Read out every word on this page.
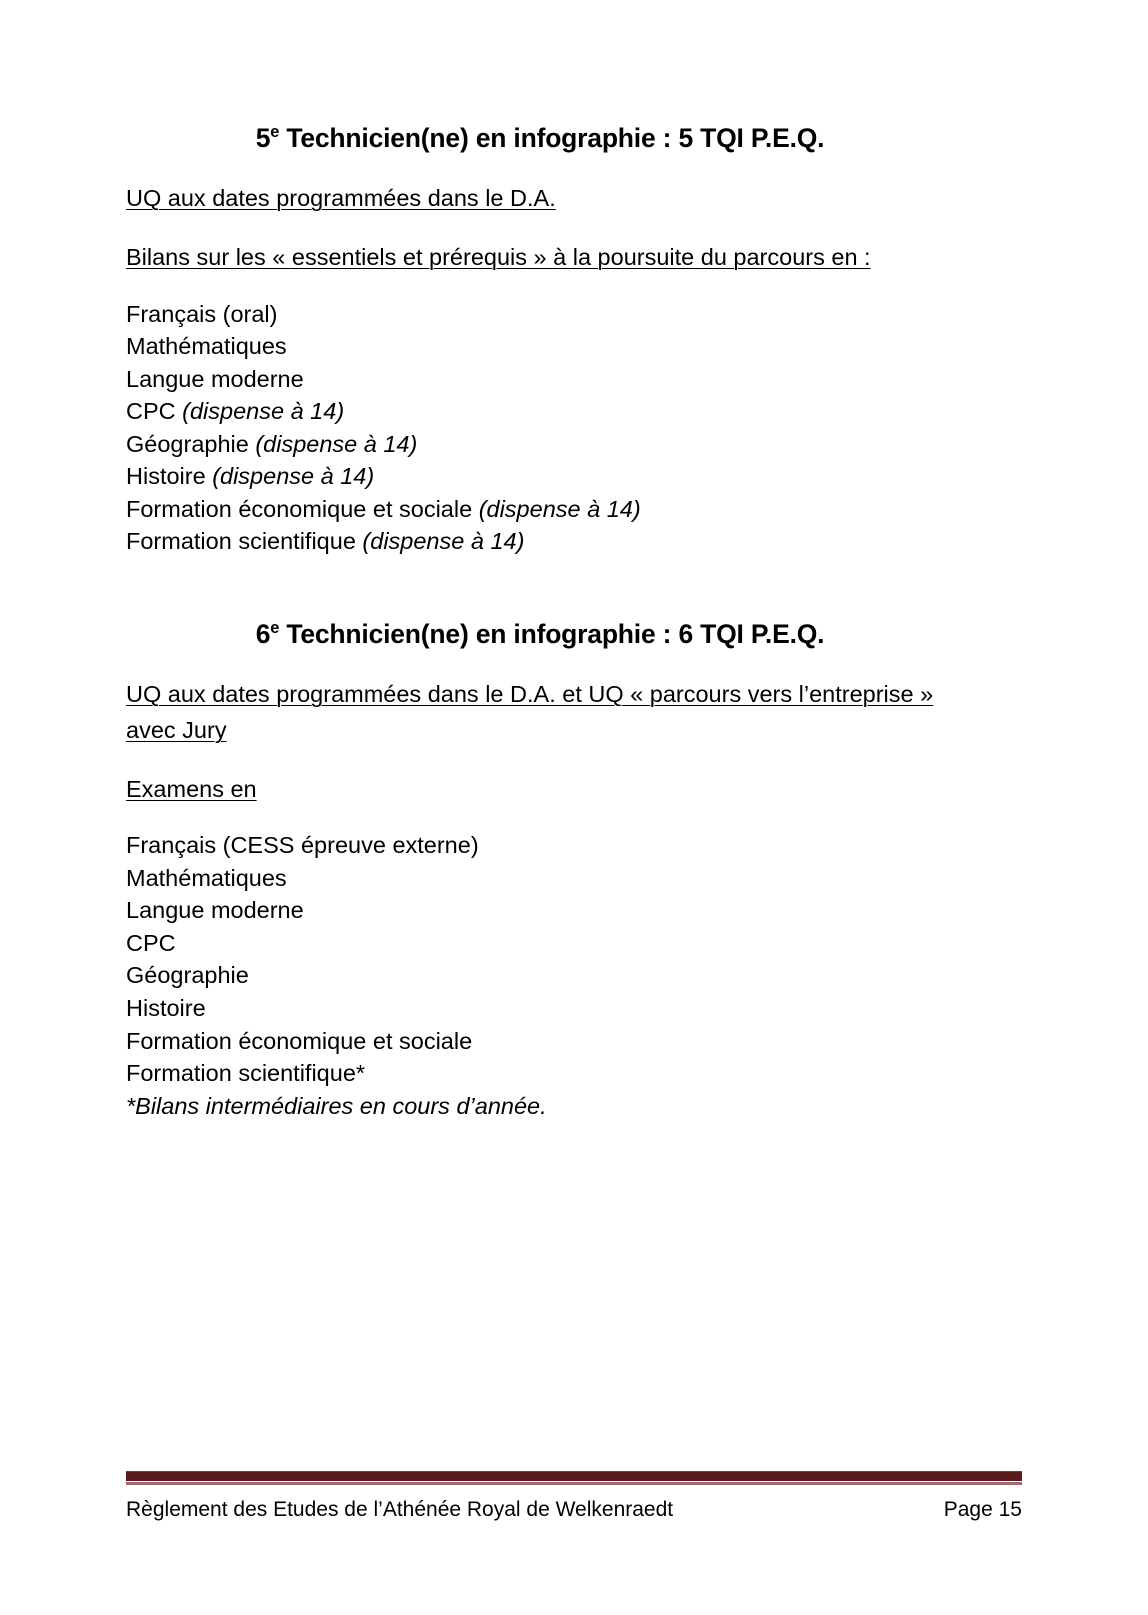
5e Technicien(ne) en infographie : 5 TQI P.E.Q.

UQ aux dates programmées dans le D.A.

Bilans sur les « essentiels et prérequis » à la poursuite du parcours en :

Français (oral)
Mathématiques
Langue moderne
CPC (dispense à 14)
Géographie (dispense à 14)
Histoire (dispense à 14)
Formation économique et sociale (dispense à 14)
Formation scientifique (dispense à 14)
6e Technicien(ne) en infographie : 6 TQI P.E.Q.

UQ aux dates programmées dans le D.A. et UQ « parcours vers l’entreprise » avec Jury

Examens en

Français (CESS épreuve externe)
Mathématiques
Langue moderne
CPC
Géographie
Histoire
Formation économique et sociale
Formation scientifique*

*Bilans intermédiaires en cours d’année.

Règlement des Etudes de l’Athénée Royal de Welkenraedt	Page 15
